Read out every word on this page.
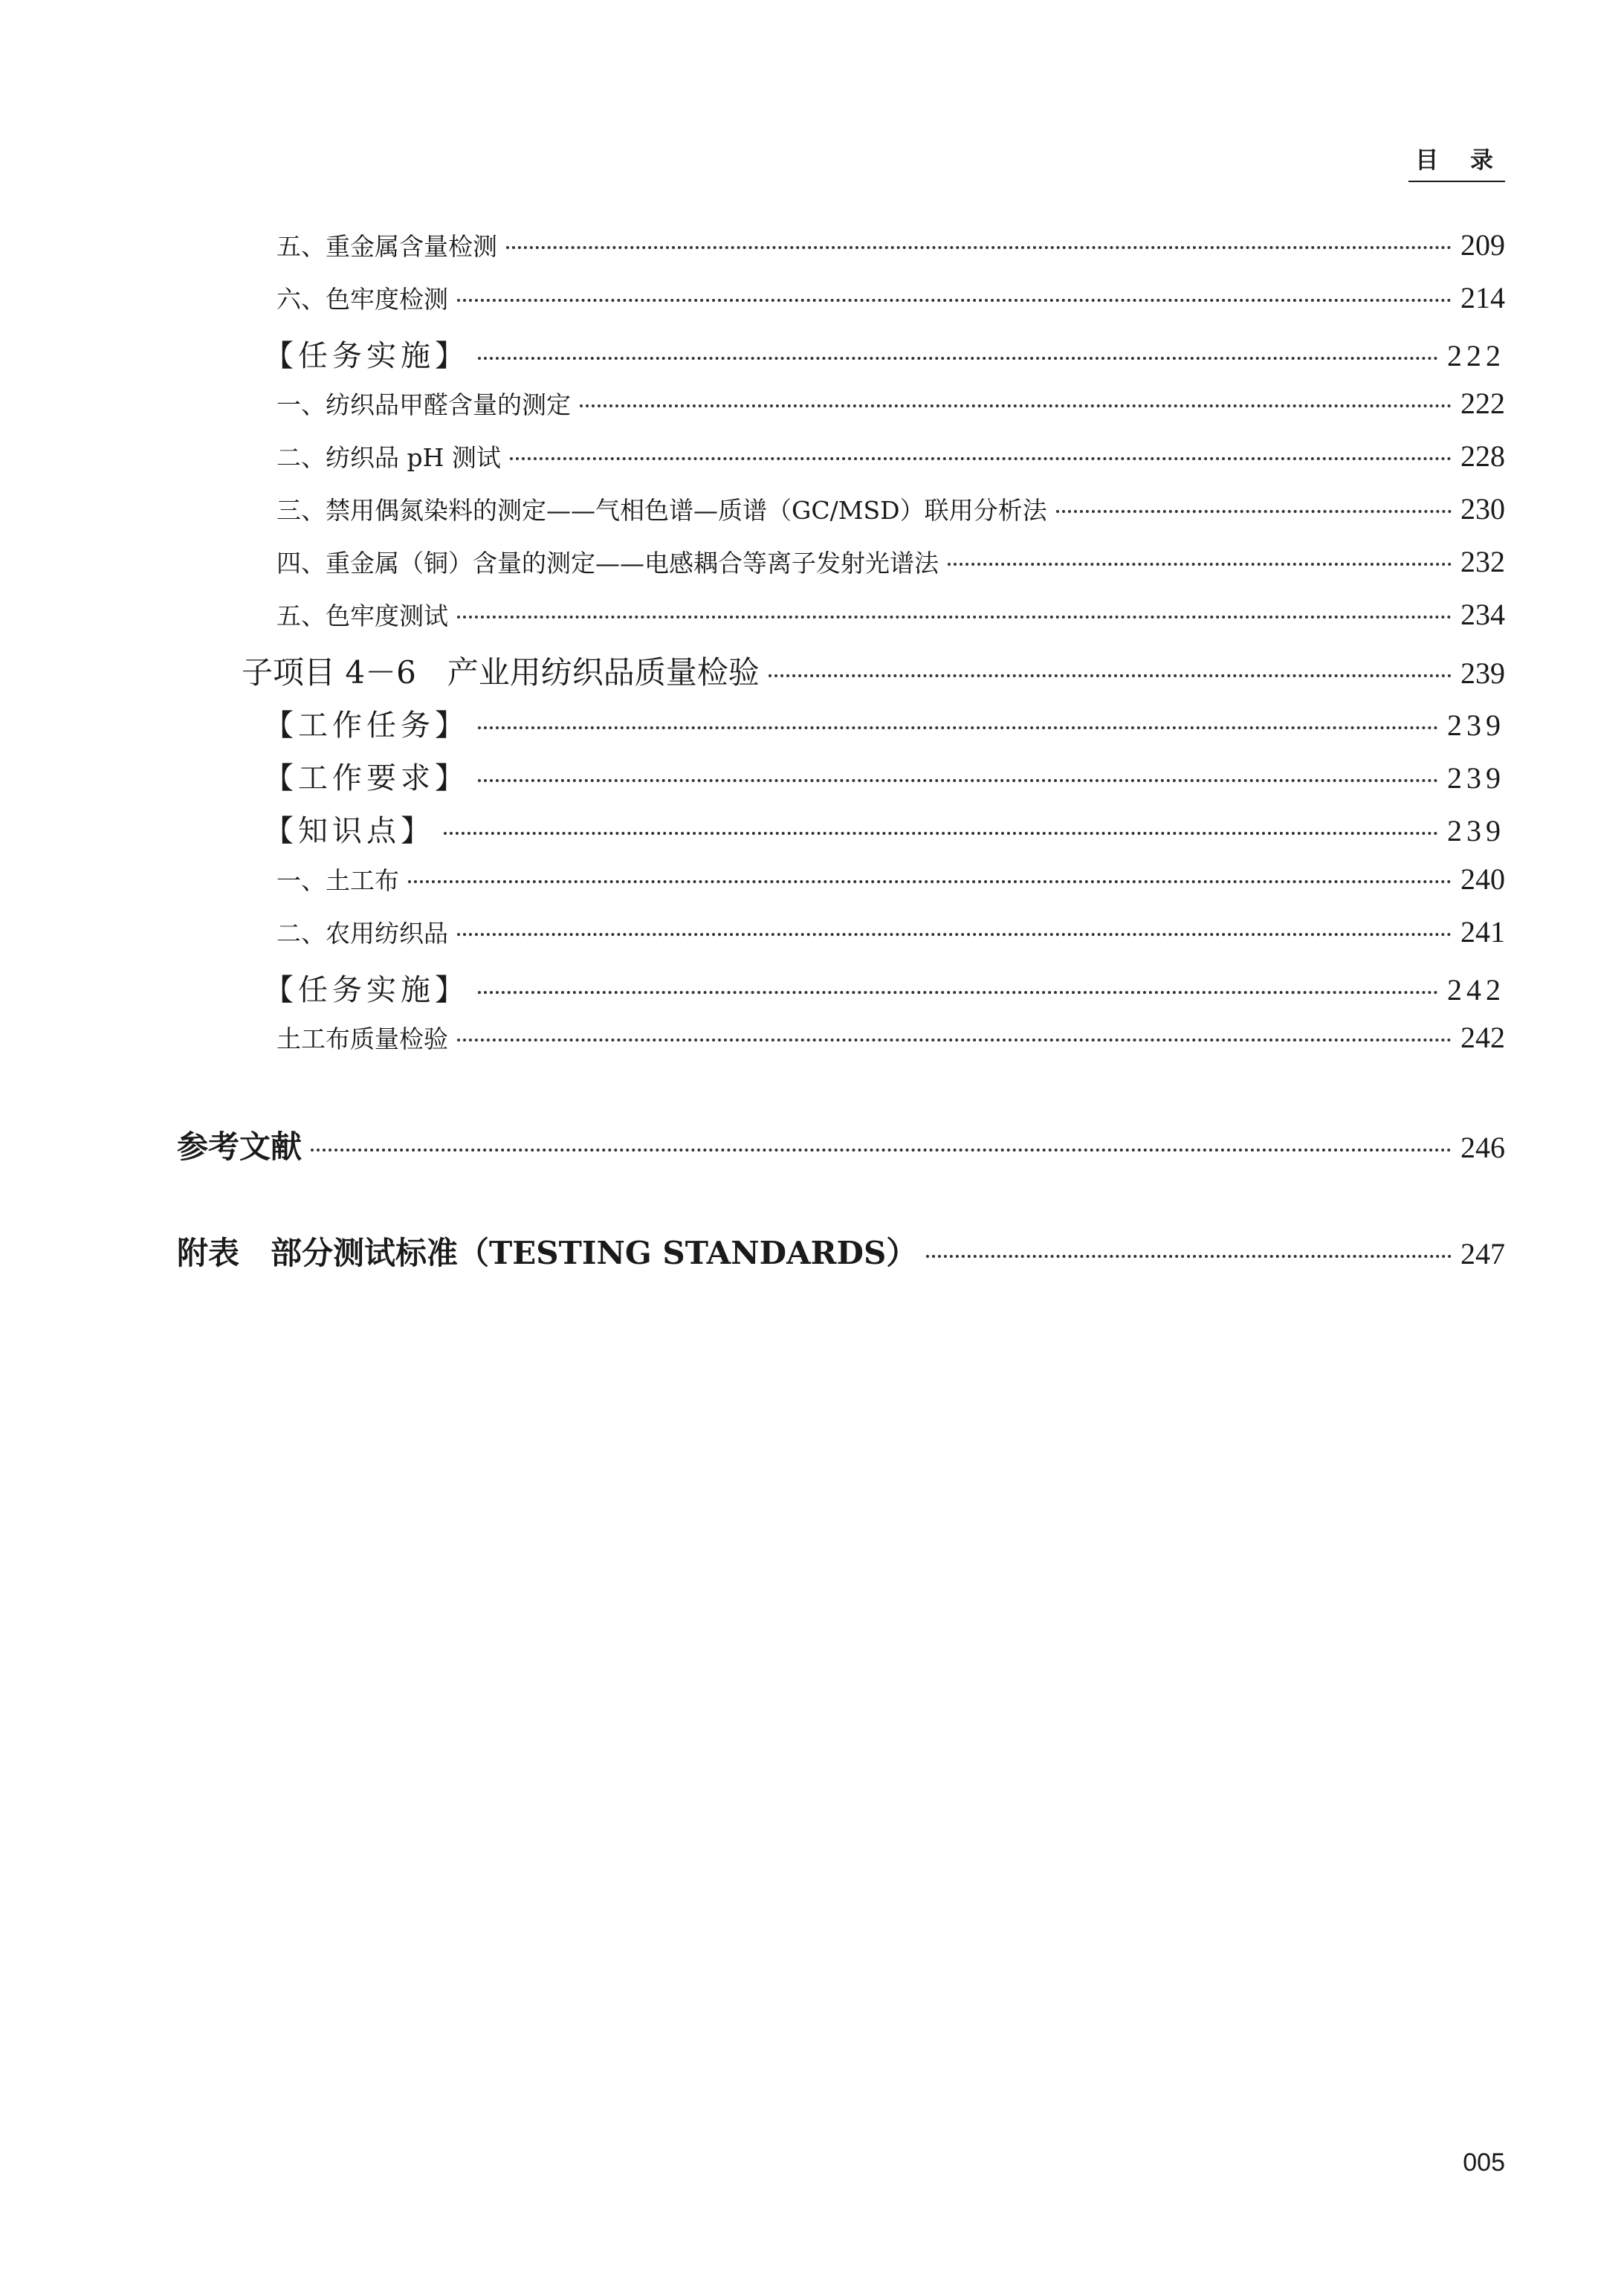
目 录
五、重金属含量检测	209
六、色牢度检测	214
【任务实施】	222
一、纺织品甲醛含量的测定	222
二、纺织品 pH 测试	228
三、禁用偶氮染料的测定——气相色谱—质谱（GC/MSD）联用分析法	230
四、重金属（铜）含量的测定——电感耦合等离子发射光谱法	232
五、色牢度测试	234
子项目 4－6　产业用纺织品质量检验	239
【工作任务】	239
【工作要求】	239
【知识点】	239
一、土工布	240
二、农用纺织品	241
【任务实施】	242
土工布质量检验	242
参考文献	246
附表　部分测试标准（TESTING STANDARDS）	247
005
